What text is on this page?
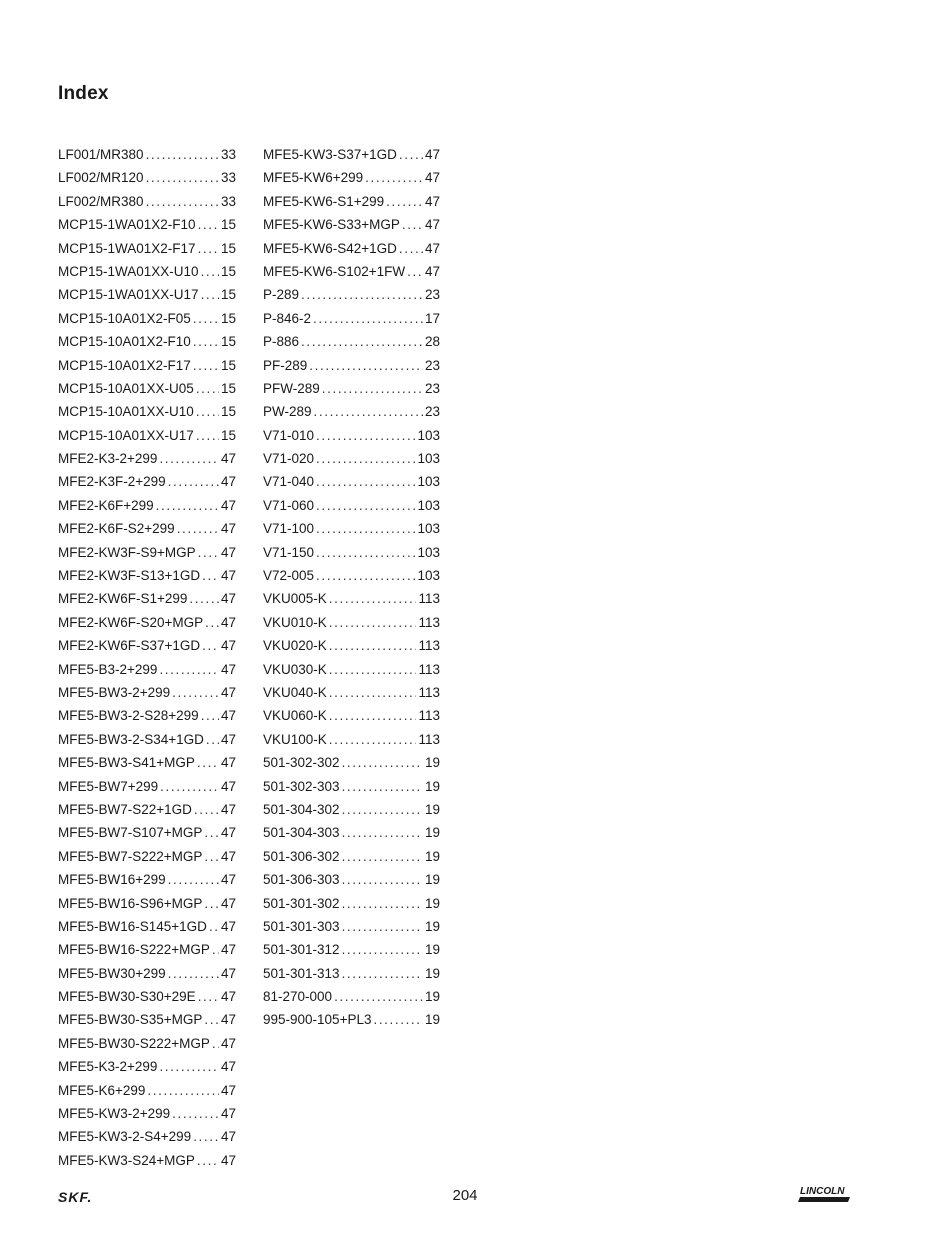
Index
LF001/MR380 .....	33
LF002/MR120 .....	33
LF002/MR380 .....	33
MCP15-1WA01X2-F10 ..... 15
MCP15-1WA01X2-F17 ..... 15
MCP15-1WA01XX-U10 ..... 15
MCP15-1WA01XX-U17 ..... 15
MCP15-10A01X2-F05 ..... 15
MCP15-10A01X2-F10 ..... 15
MCP15-10A01X2-F17 ..... 15
MCP15-10A01XX-U05 ..... 15
MCP15-10A01XX-U10 ..... 15
MCP15-10A01XX-U17 ..... 15
MFE2-K3-2+299 .....	47
MFE2-K3F-2+299 .....	47
MFE2-K6F+299 .....	47
MFE2-K6F-S2+299 .....	47
MFE2-KW3F-S9+MGP ..... 47
MFE2-KW3F-S13+1GD ..... 47
MFE2-KW6F-S1+299 ..... 47
MFE2-KW6F-S20+MGP ..... 47
MFE2-KW6F-S37+1GD ..... 47
MFE5-B3-2+299 .....	47
MFE5-BW3-2+299 .....	47
MFE5-BW3-2-S28+299 ..... 47
MFE5-BW3-2-S34+1GD ..... 47
MFE5-BW3-S41+MGP ..... 47
MFE5-BW7+299 .....	47
MFE5-BW7-S22+1GD ..... 47
MFE5-BW7-S107+MGP ..... 47
MFE5-BW7-S222+MGP ..... 47
MFE5-BW16+299 .....	47
MFE5-BW16-S96+MGP ..... 47
MFE5-BW16-S145+1GD ..... 47
MFE5-BW16-S222+MGP ..... 47
MFE5-BW30+299 .....	47
MFE5-BW30-S30+29E ..... 47
MFE5-BW30-S35+MGP ..... 47
MFE5-BW30-S222+MGP ..... 47
MFE5-K3-2+299 .....	47
MFE5-K6+299 .....	47
MFE5-KW3-2+299 .....	47
MFE5-KW3-2-S4+299 ..... 47
MFE5-KW3-S24+MGP ..... 47
MFE5-KW3-S37+1GD ..... 47
MFE5-KW6+299 .....	47
MFE5-KW6-S1+299 .....	47
MFE5-KW6-S33+MGP ..... 47
MFE5-KW6-S42+1GD ..... 47
MFE5-KW6-S102+1FW ..... 47
P-289 .....	23
P-846-2 .....	17
P-886 .....	28
PF-289 .....	23
PFW-289 .....	23
PW-289 .....	23
V71-010 .....	103
V71-020 .....	103
V71-040 .....	103
V71-060 .....	103
V71-100 .....	103
V71-150 .....	103
V72-005 .....	103
VKU005-K .....	113
VKU010-K .....	113
VKU020-K .....	113
VKU030-K .....	113
VKU040-K .....	113
VKU060-K .....	113
VKU100-K .....	113
501-302-302 .....	19
501-302-303 .....	19
501-304-302 .....	19
501-304-303 .....	19
501-306-302 .....	19
501-306-303 .....	19
501-301-302 .....	19
501-301-303 .....	19
501-301-312 .....	19
501-301-313 .....	19
81-270-000 .....	19
995-900-105+PL3 .....	19
SKF.	204	LINCOLN
